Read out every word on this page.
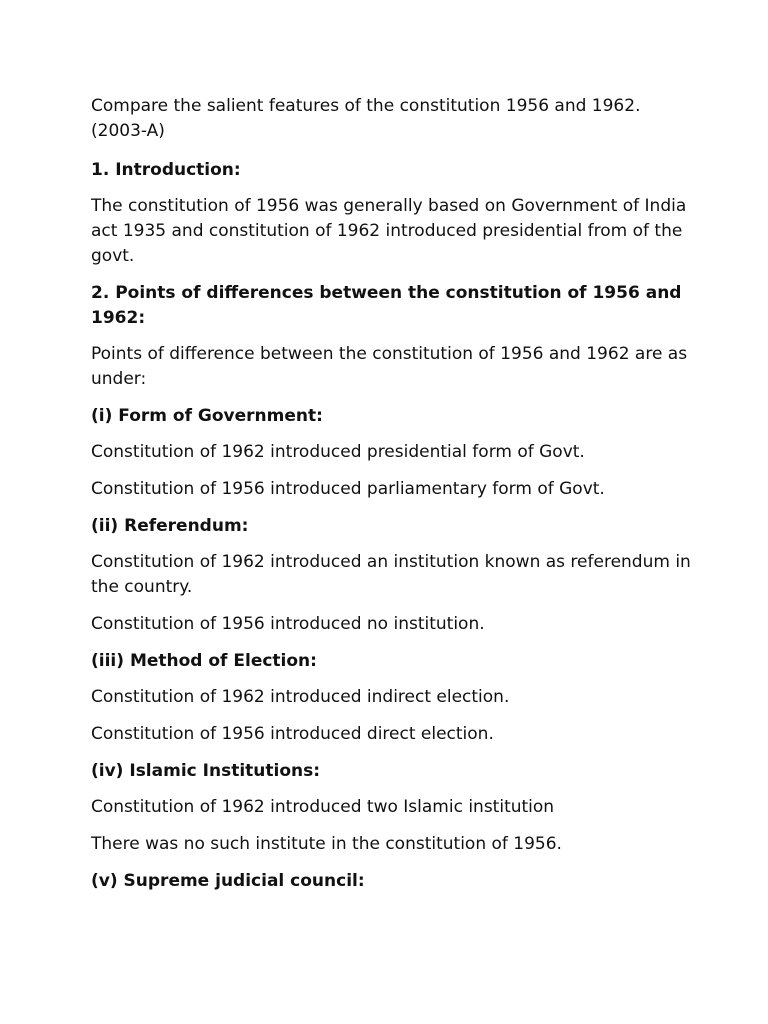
Compare the salient features of the constitution 1956 and 1962.
(2003-A)
1. Introduction:
The constitution of 1956 was generally based on Government of India act 1935 and constitution of 1962 introduced presidential from of the govt.
2. Points of differences between the constitution of 1956 and 1962:
Points of difference between the constitution of 1956 and 1962 are as under:
(i) Form of Government:
Constitution of 1962 introduced presidential form of Govt.
Constitution of 1956 introduced parliamentary form of Govt.
(ii) Referendum:
Constitution of 1962 introduced an institution known as referendum in the country.
Constitution of 1956 introduced no institution.
(iii) Method of Election:
Constitution of 1962 introduced indirect election.
Constitution of 1956 introduced direct election.
(iv) Islamic Institutions:
Constitution of 1962 introduced two Islamic institution
There was no such institute in the constitution of 1956.
(v) Supreme judicial council:
